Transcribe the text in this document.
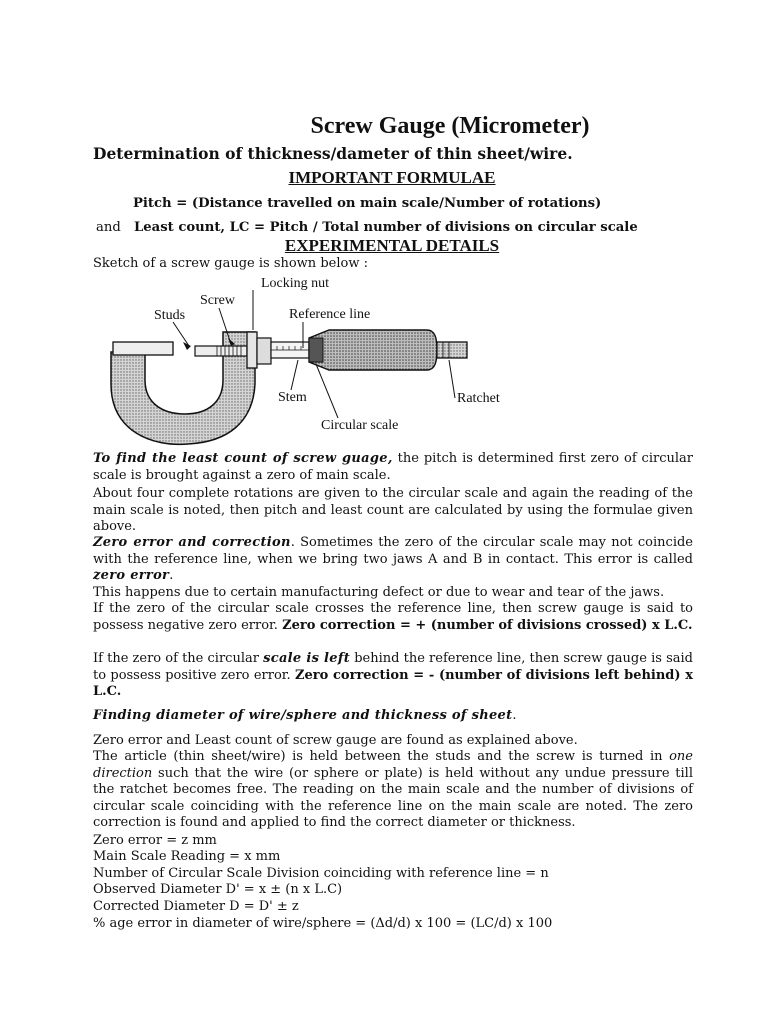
Screw Gauge (Micrometer)
Determination of thickness/dameter of thin sheet/wire.
IMPORTANT FORMULAE
Pitch = (Distance travelled on main scale/Number of rotations)
and Least count, LC = Pitch / Total number of divisions on circular scale
EXPERIMENTAL DETAILS
Sketch of a screw gauge is shown below :
Locking nut
Screw
Studs	Reference line
Stem	Ratchet
Circular scale
To find the least count of screw guage, the pitch is determined first zero of circular scale is brought against a zero of main scale.
About four complete rotations are given to the circular scale and again the reading of the main scale is noted, then pitch and least count are calculated by using the formulae given above.
Zero error and correction. Sometimes the zero of the circular scale may not coincide with the reference line, when we bring two jaws A and B in contact. This error is called zero error.
This happens due to certain manufacturing defect or due to wear and tear of the jaws.
If the zero of the circular scale crosses the reference line, then screw gauge is said to possess negative zero error. Zero correction = + (number of divisions crossed) x L.C.
If the zero of the circular scale is left behind the reference line, then screw gauge is said to possess positive zero error. Zero correction = - (number of divisions left behind) x L.C.
Finding diameter of wire/sphere and thickness of sheet.
Zero error and Least count of screw gauge are found as explained above.
The article (thin sheet/wire) is held between the studs and the screw is turned in one direction such that the wire (or sphere or plate) is held without any undue pressure till the ratchet becomes free. The reading on the main scale and the number of divisions of circular scale coinciding with the reference line on the main scale are noted. The zero correction is found and applied to find the correct diameter or thickness.
Zero error = z mm
Main Scale Reading = x mm
Number of Circular Scale Division coinciding with reference line = n
Observed Diameter D' = x ± (n x L.C)
Corrected Diameter D = D' ± z
% age error in diameter of wire/sphere = (Δd/d) x 100 = (LC/d) x 100
